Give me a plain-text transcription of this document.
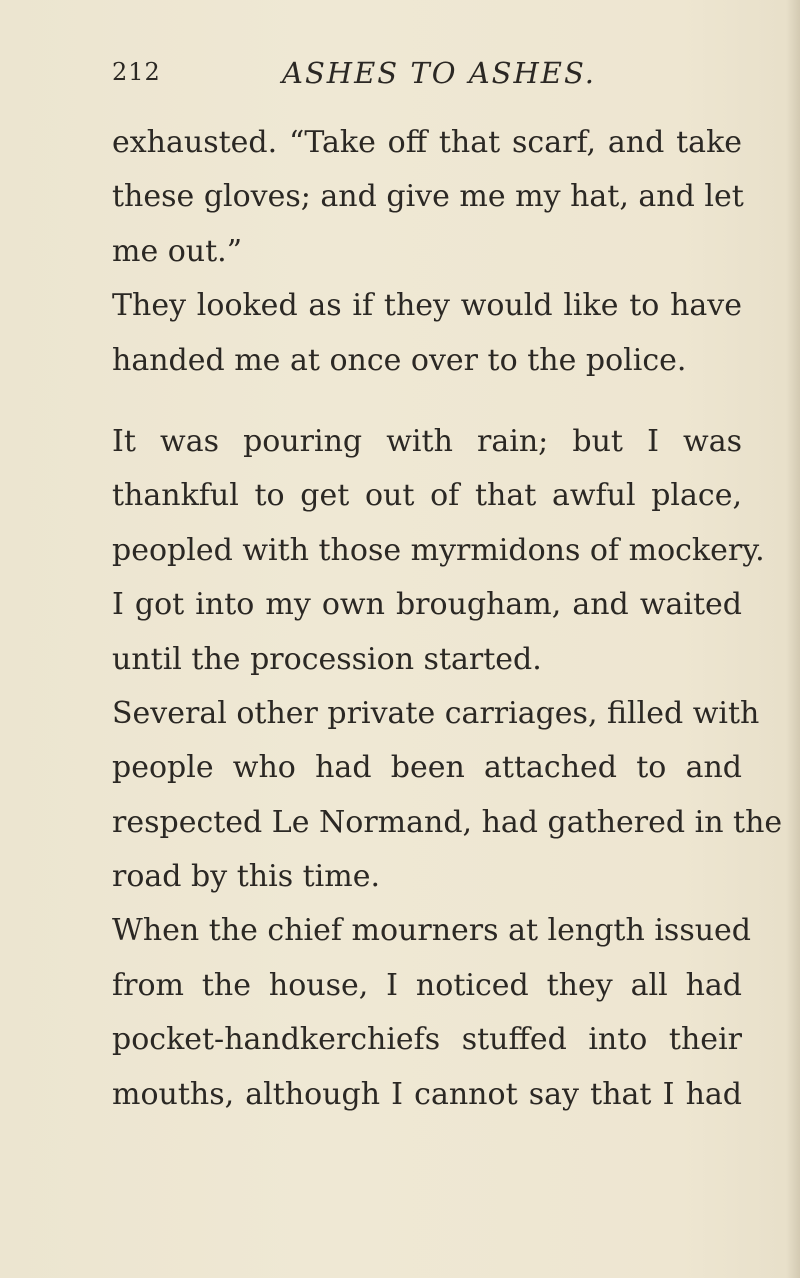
212	ASHES TO ASHES.
exhausted. “Take off that scarf, and take
these gloves; and give me my hat, and let
me out.”
They looked as if they would like to have
handed me at once over to the police.
It was pouring with rain; but I was
thankful to get out of that awful place,
peopled with those myrmidons of mockery.
I got into my own brougham, and waited
until the procession started.
Several other private carriages, filled with
people who had been attached to and
respected Le Normand, had gathered in the
road by this time.
When the chief mourners at length issued
from the house, I noticed they all had
pocket-handkerchiefs stuffed into their
mouths, although I cannot say that I had
